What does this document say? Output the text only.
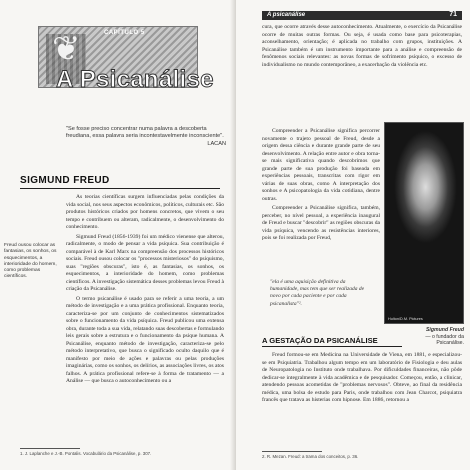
❦	CAPÍTULO 5
A Psicanálise
"Se fosse preciso concentrar numa palavra a descoberta freudiana, essa palavra seria incontestavelmente inconsciente".
LACAN
SIGMUND FREUD
Freud ousou colocar as fantasias, os sonhos, os esquecimentos, a interioridade do homem, como problemas científicos.

As teorias científicas surgem influenciadas pelas condições da vida social, nos seus aspectos econômicos, políticos, culturais etc. São produtos históricos criados por homens concretos, que vivem o seu tempo e contribuem ou alteram, radicalmente, o desenvolvimento do conhecimento.

Sigmund Freud (1856-1939) foi um médico vienense que alterou, radicalmente, o modo de pensar a vida psíquica. Sua contribuição é comparável à de Karl Marx na compreensão dos processos históricos sociais. Freud ousou colocar os "processos misteriosos" do psiquismo, suas "regiões obscuras", isto é, as fantasias, os sonhos, os esquecimentos, a interioridade do homem, como problemas científicos. A investigação sistemática desses problemas levou Freud à criação da Psicanálise.

O termo psicanálise é usado para se referir a uma teoria, a um método de investigação e a uma prática profissional. Enquanto teoria, caracteriza-se por um conjunto de conhecimentos sistematizados sobre o funcionamento da vida psíquica. Freud publicou uma extensa obra, durante toda a sua vida, relatando suas descobertas e formulando leis gerais sobre a estrutura e o funcionamento da psique humana. A Psicanálise, enquanto método de investigação, caracteriza-se pelo método interpretativo, que busca o significado oculto daquilo que é manifesto por meio de ações e palavras ou pelas produções imaginárias, como os sonhos, os delírios, as associações livres, os atos falhos. A prática profissional refere-se à forma de tratamento — a Análise — que busca o autoconhecimento ou a

1. J. Laplanche e J.-B. Pontalis. Vocabulário da Psicanálise, p. 307.
A psicanálise	71

cura, que ocorre através desse autoconhecimento. Atualmente, o exercício da Psicanálise ocorre de muitas outras formas. Ou seja, é usada como base para psicoterapias, aconselhamento, orientação; é aplicada no trabalho com grupos, instituições. A Psicanálise também é um instrumento importante para a análise e compreensão de fenômenos sociais relevantes: as novas formas de sofrimento psíquico, o excesso de individualismo no mundo contemporâneo, a exacerbação da violência etc.

Compreender a Psicanálise significa percorrer novamente o trajeto pessoal de Freud, desde a origem dessa ciência e durante grande parte de seu desenvolvimento. A relação entre autor e obra torna-se mais significativa quando descobrimos que grande parte de sua produção foi baseada em experiências pessoais, transcritas com rigor em várias de suas obras, como A interpretação dos sonhos e A psicopatologia da vida cotidiana, dentre outras.

Compreender a Psicanálise significa, também, perceber, no nível pessoal, a experiência inaugural de Freud e buscar "descobrir" as regiões obscuras da vida psíquica, vencendo as resistências interiores, pois se foi realizada por Freud,

"ela é uma aquisição definitiva da humanidade, mas tem que ser realizada de novo por cada paciente e por cada psicanalista"².
Hulton/D.M. Pictures
Sigmund Freud
— o fundador da Psicanálise.
A GESTAÇÃO DA PSICANÁLISE

Freud formou-se em Medicina na Universidade de Viena, em 1881, e especializou-se em Psiquiatria. Trabalhou algum tempo em um laboratório de Fisiologia e deu aulas de Neuropatologia no Instituto onde trabalhava. Por dificuldades financeiras, não pôde dedicar-se integralmente à vida acadêmica e de pesquisador. Começou, então, a clinicar, atendendo pessoas acometidas de "problemas nervosos". Obteve, ao final da residência médica, uma bolsa de estudo para Paris, onde trabalhou com Jean Charcot, psiquiatra francês que tratava as histerias com hipnose. Em 1886, retornou a

2. R. Mezan. Freud: a trama dos conceitos, p. 36.
